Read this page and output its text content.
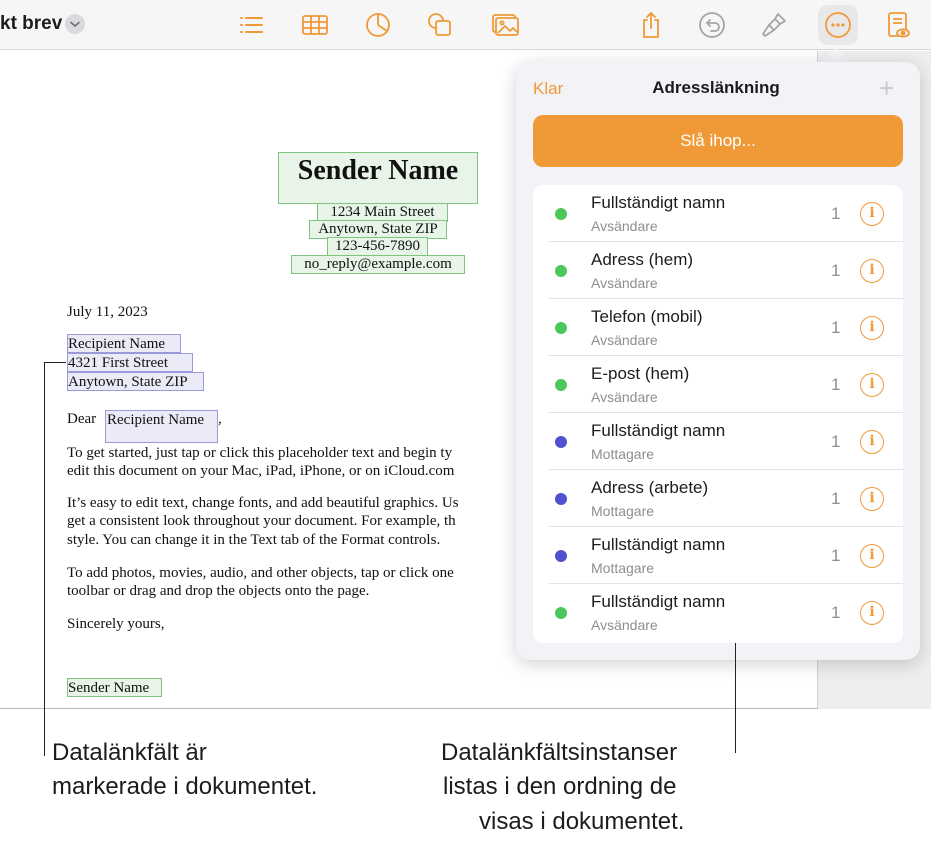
kt brev
Sender Name
1234 Main Street
Anytown, State ZIP
123-456-7890
no_reply@example.com
July 11, 2023
Recipient Name
4321 First Street
Anytown, State ZIP
Dear Recipient Name ,
To get started, just tap or click this placeholder text and begin ty
edit this document on your Mac, iPad, iPhone, or on iCloud.com
It’s easy to edit text, change fonts, and add beautiful graphics. Us
get a consistent look throughout your document. For example, th
style. You can change it in the Text tab of the Format controls.
To add photos, movies, audio, and other objects, tap or click one
toolbar or drag and drop the objects onto the page.
Sincerely yours,
Sender Name
Klar	Adresslänkning	+
Slå ihop...
Fullständigt namn
Avsändare
1	i
Adress (hem)
Avsändare
1	i
Telefon (mobil)
Avsändare
1	i
E-post (hem)
Avsändare
1	i
Fullständigt namn
Mottagare
1	i
Adress (arbete)
Mottagare
1	i
Fullständigt namn
Mottagare
1	i
Fullständigt namn
Avsändare
1	i
Datalänkfält är
markerade i dokumentet.
Datalänkfältsinstanser
listas i den ordning de
visas i dokumentet.
